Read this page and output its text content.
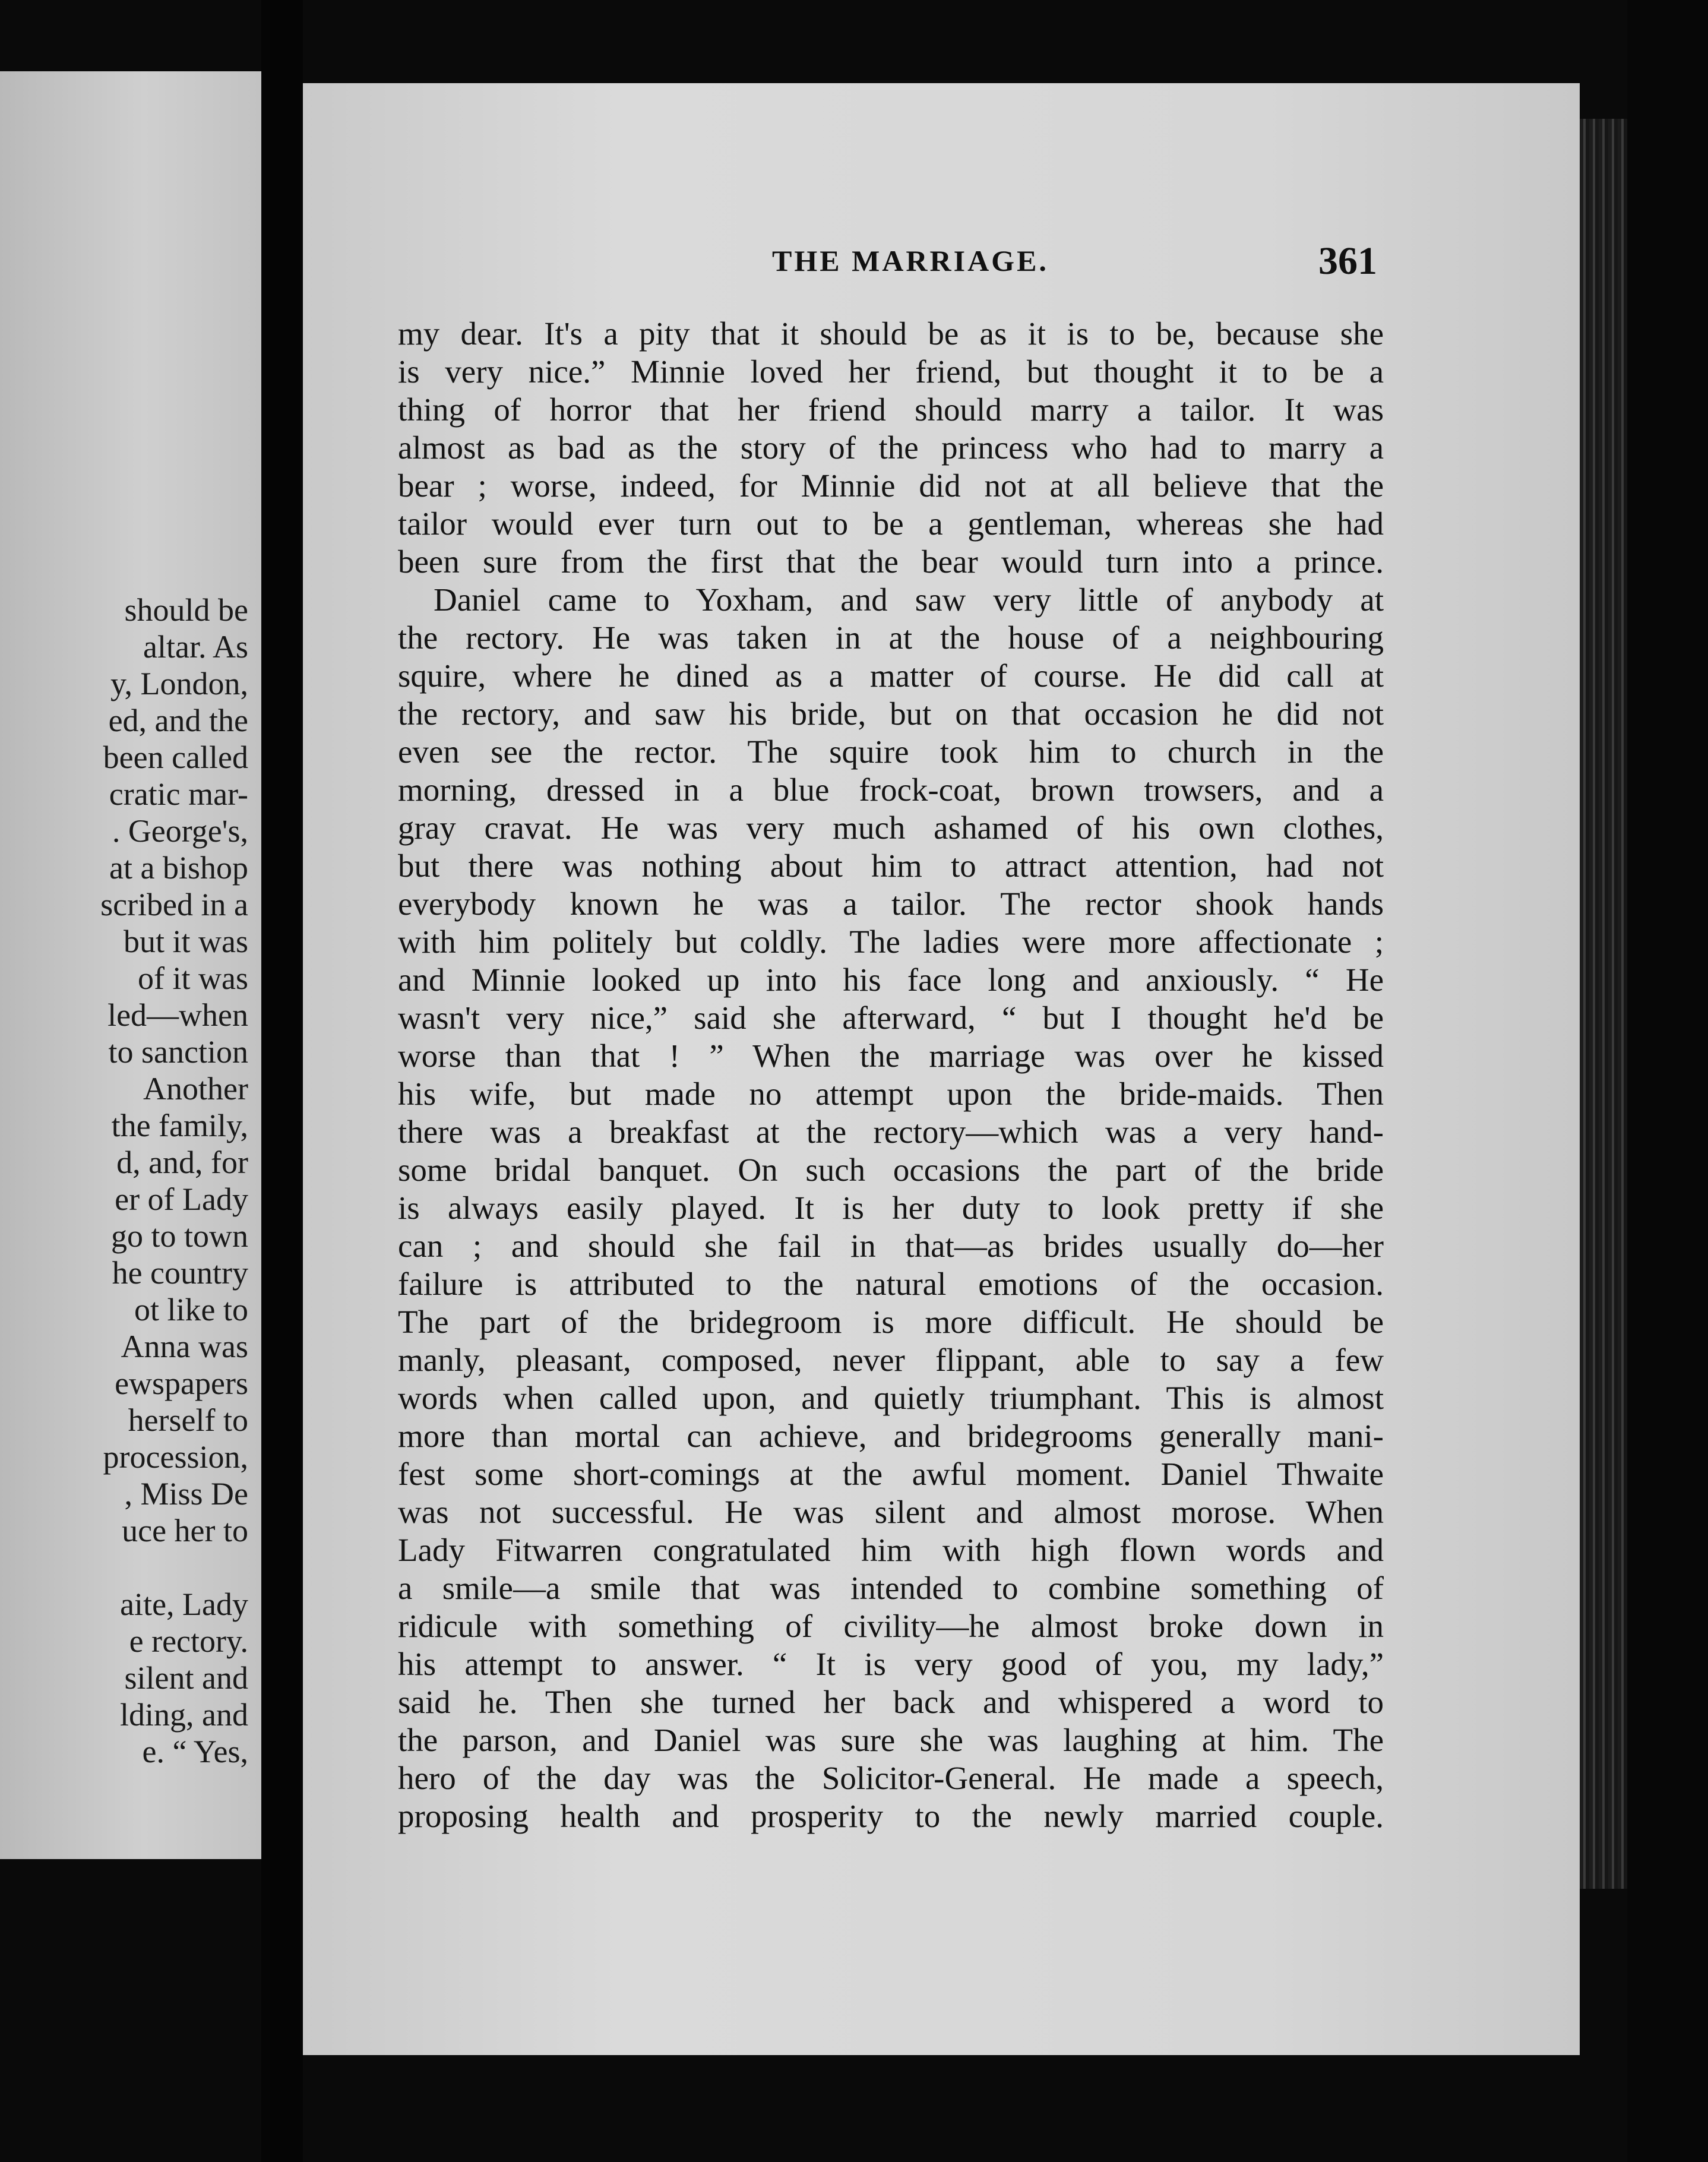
should be
altar. As
y, London,
ed, and the
been called
cratic mar-
. George's,
at a bishop
scribed in a
but it was
of it was
led—when
to sanction
Another
the family,
d, and, for
er of Lady
go to town
he country
ot like to
Anna was
ewspapers
herself to
procession,
, Miss De
uce her to
aite, Lady
e rectory.
silent and
lding, and
e. “ Yes,
THE MARRIAGE.	361
my dear. It's a pity that it should be as it is to be, because she
is very nice.” Minnie loved her friend, but thought it to be a
thing of horror that her friend should marry a tailor. It was
almost as bad as the story of the princess who had to marry a
bear ; worse, indeed, for Minnie did not at all believe that the
tailor would ever turn out to be a gentleman, whereas she had
been sure from the first that the bear would turn into a prince.
Daniel came to Yoxham, and saw very little of anybody at
the rectory. He was taken in at the house of a neighbouring
squire, where he dined as a matter of course. He did call at
the rectory, and saw his bride, but on that occasion he did not
even see the rector. The squire took him to church in the
morning, dressed in a blue frock-coat, brown trowsers, and a
gray cravat. He was very much ashamed of his own clothes,
but there was nothing about him to attract attention, had not
everybody known he was a tailor. The rector shook hands
with him politely but coldly. The ladies were more affectionate ;
and Minnie looked up into his face long and anxiously. “ He
wasn't very nice,” said she afterward, “ but I thought he'd be
worse than that ! ” When the marriage was over he kissed
his wife, but made no attempt upon the bride-maids. Then
there was a breakfast at the rectory—which was a very hand-
some bridal banquet. On such occasions the part of the bride
is always easily played. It is her duty to look pretty if she
can ; and should she fail in that—as brides usually do—her
failure is attributed to the natural emotions of the occasion.
The part of the bridegroom is more difficult. He should be
manly, pleasant, composed, never flippant, able to say a few
words when called upon, and quietly triumphant. This is almost
more than mortal can achieve, and bridegrooms generally mani-
fest some short-comings at the awful moment. Daniel Thwaite
was not successful. He was silent and almost morose. When
Lady Fitwarren congratulated him with high flown words and
a smile—a smile that was intended to combine something of
ridicule with something of civility—he almost broke down in
his attempt to answer. “ It is very good of you, my lady,”
said he. Then she turned her back and whispered a word to
the parson, and Daniel was sure she was laughing at him. The
hero of the day was the Solicitor-General. He made a speech,
proposing health and prosperity to the newly married couple.
